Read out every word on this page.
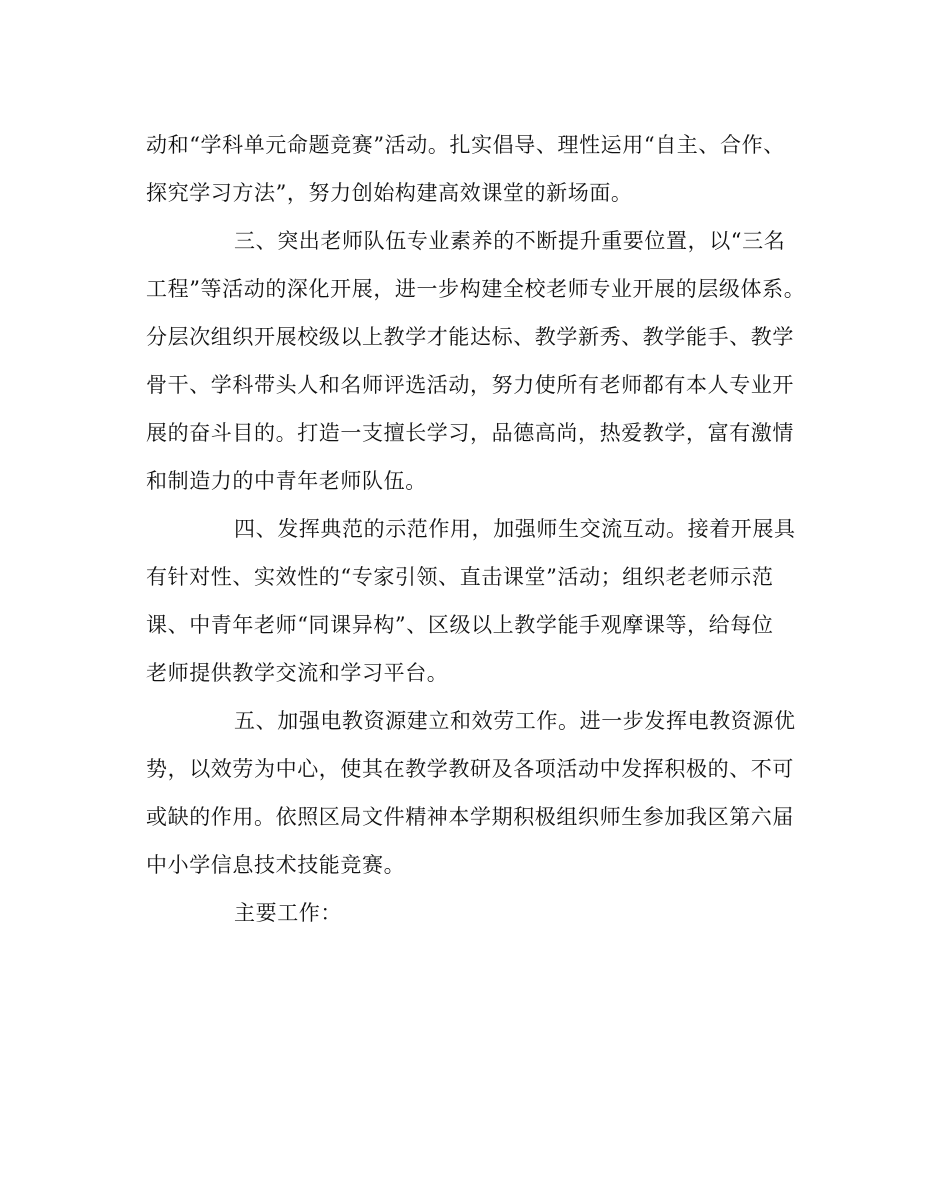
动和“学科单元命题竞赛”活动。扎实倡导、理性运用“自主、合作、
探究学习方法”，努力创始构建高效课堂的新场面。
三、突出老师队伍专业素养的不断提升重要位置，以“三名
工程”等活动的深化开展，进一步构建全校老师专业开展的层级体系。
分层次组织开展校级以上教学才能达标、教学新秀、教学能手、教学
骨干、学科带头人和名师评选活动，努力使所有老师都有本人专业开
展的奋斗目的。打造一支擅长学习，品德高尚，热爱教学，富有激情
和制造力的中青年老师队伍。
四、发挥典范的示范作用，加强师生交流互动。接着开展具
有针对性、实效性的“专家引领、直击课堂”活动；组织老老师示范
课、中青年老师“同课异构”、区级以上教学能手观摩课等，给每位
老师提供教学交流和学习平台。
五、加强电教资源建立和效劳工作。进一步发挥电教资源优
势，以效劳为中心，使其在教学教研及各项活动中发挥积极的、不可
或缺的作用。依照区局文件精神本学期积极组织师生参加我区第六届
中小学信息技术技能竞赛。
主要工作：
